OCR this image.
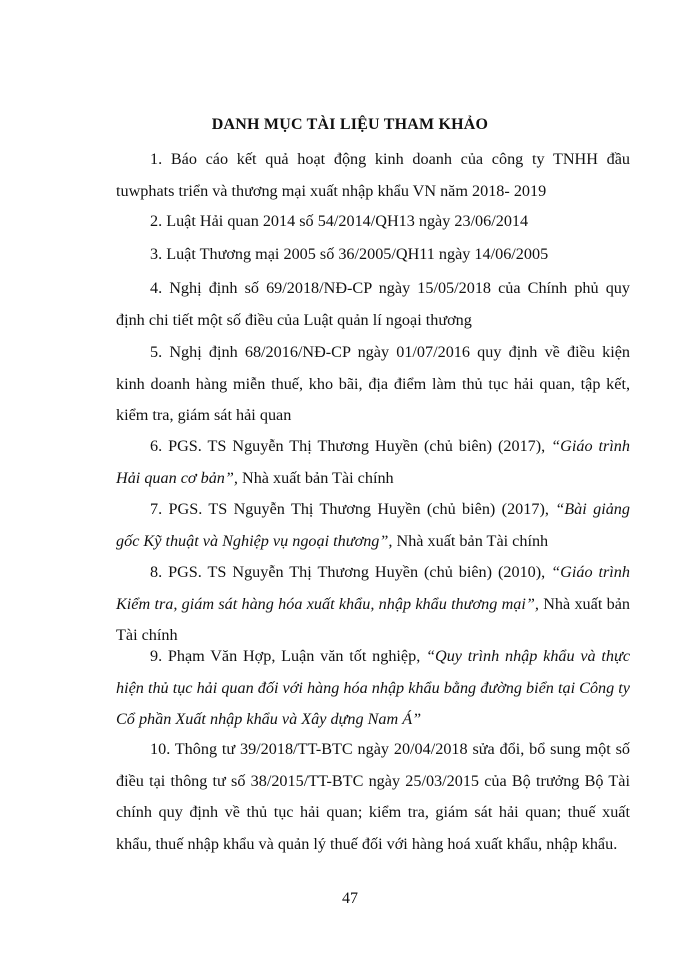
DANH MỤC TÀI LIỆU THAM KHẢO
1. Báo cáo kết quả hoạt động kinh doanh của công ty TNHH đầu tuwphats triển và thương mại xuất nhập khẩu VN năm 2018- 2019
2. Luật Hải quan 2014 số 54/2014/QH13 ngày 23/06/2014
3. Luật Thương mại 2005 số 36/2005/QH11 ngày 14/06/2005
4. Nghị định số 69/2018/NĐ-CP ngày 15/05/2018 của Chính phủ quy định chi tiết một số điều của Luật quản lí ngoại thương
5. Nghị định 68/2016/NĐ-CP ngày 01/07/2016 quy định về điều kiện kinh doanh hàng miễn thuế, kho bãi, địa điểm làm thủ tục hải quan, tập kết, kiểm tra, giám sát hải quan
6. PGS. TS Nguyễn Thị Thương Huyền (chủ biên) (2017), “Giáo trình Hải quan cơ bản”, Nhà xuất bản Tài chính
7. PGS. TS Nguyễn Thị Thương Huyền (chủ biên) (2017), “Bài giảng gốc Kỹ thuật và Nghiệp vụ ngoại thương”, Nhà xuất bản Tài chính
8. PGS. TS Nguyễn Thị Thương Huyền (chủ biên) (2010), “Giáo trình Kiểm tra, giám sát hàng hóa xuất khẩu, nhập khẩu thương mại”, Nhà xuất bản Tài chính
9. Phạm Văn Hợp, Luận văn tốt nghiệp, “Quy trình nhập khẩu và thực hiện thủ tục hải quan đối với hàng hóa nhập khẩu bằng đường biển tại Công ty Cổ phần Xuất nhập khẩu và Xây dựng Nam Á”
10. Thông tư 39/2018/TT-BTC ngày 20/04/2018 sửa đổi, bổ sung một số điều tại thông tư số 38/2015/TT-BTC ngày 25/03/2015 của Bộ trưởng Bộ Tài chính quy định về thủ tục hải quan; kiểm tra, giám sát hải quan; thuế xuất khẩu, thuế nhập khẩu và quản lý thuế đối với hàng hoá xuất khẩu, nhập khẩu.
47
